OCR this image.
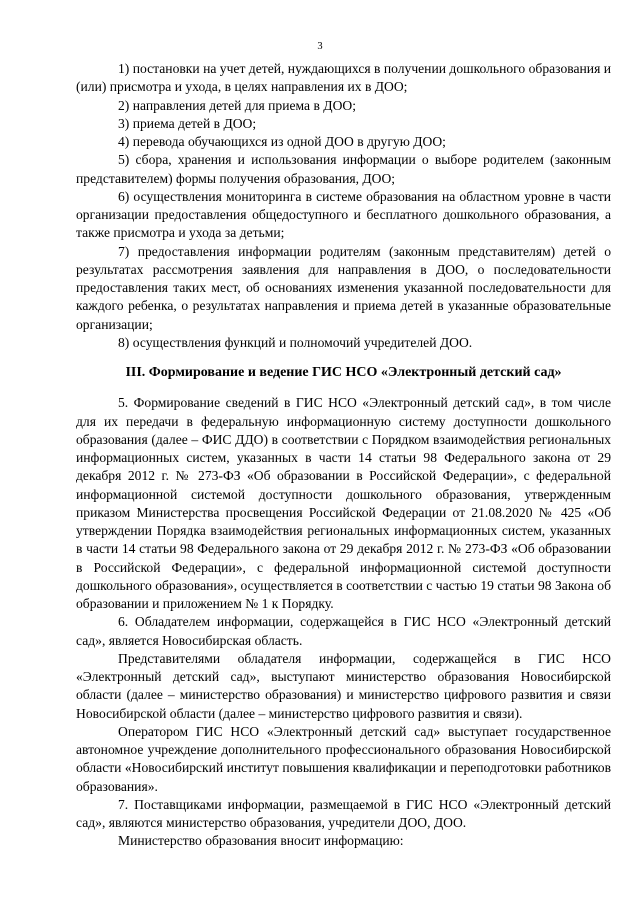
3

1) постановки на учет детей, нуждающихся в получении дошкольного образования и (или) присмотра и ухода, в целях направления их в ДОО;

2) направления детей для приема в ДОО;

3) приема детей в ДОО;

4) перевода обучающихся из одной ДОО в другую ДОО;

5) сбора, хранения и использования информации о выборе родителем (законным представителем) формы получения образования, ДОО;

6) осуществления мониторинга в системе образования на областном уровне в части организации предоставления общедоступного и бесплатного дошкольного образования, а также присмотра и ухода за детьми;

7) предоставления информации родителям (законным представителям) детей о результатах рассмотрения заявления для направления в ДОО, о последовательности предоставления таких мест, об основаниях изменения указанной последовательности для каждого ребенка, о результатах направления и приема детей в указанные образовательные организации;

8) осуществления функций и полномочий учредителей ДОО.

III. Формирование и ведение ГИС НСО «Электронный детский сад»

5. Формирование сведений в ГИС НСО «Электронный детский сад», в том числе для их передачи в федеральную информационную систему доступности дошкольного образования (далее – ФИС ДДО) в соответствии с Порядком взаимодействия региональных информационных систем, указанных в части 14 статьи 98 Федерального закона от 29 декабря 2012 г. № 273-ФЗ «Об образовании в Российской Федерации», с федеральной информационной системой доступности дошкольного образования, утвержденным приказом Министерства просвещения Российской Федерации от 21.08.2020 № 425 «Об утверждении Порядка взаимодействия региональных информационных систем, указанных в части 14 статьи 98 Федерального закона от 29 декабря 2012 г. № 273-ФЗ «Об образовании в Российской Федерации», с федеральной информационной системой доступности дошкольного образования», осуществляется в соответствии с частью 19 статьи 98 Закона об образовании и приложением № 1 к Порядку.

6. Обладателем информации, содержащейся в ГИС НСО «Электронный детский сад», является Новосибирская область.

Представителями обладателя информации, содержащейся в ГИС НСО «Электронный детский сад», выступают министерство образования Новосибирской области (далее – министерство образования) и министерство цифрового развития и связи Новосибирской области (далее – министерство цифрового развития и связи).

Оператором ГИС НСО «Электронный детский сад» выступает государственное автономное учреждение дополнительного профессионального образования Новосибирской области «Новосибирский институт повышения квалификации и переподготовки работников образования».

7. Поставщиками информации, размещаемой в ГИС НСО «Электронный детский сад», являются министерство образования, учредители ДОО, ДОО.

Министерство образования вносит информацию:
